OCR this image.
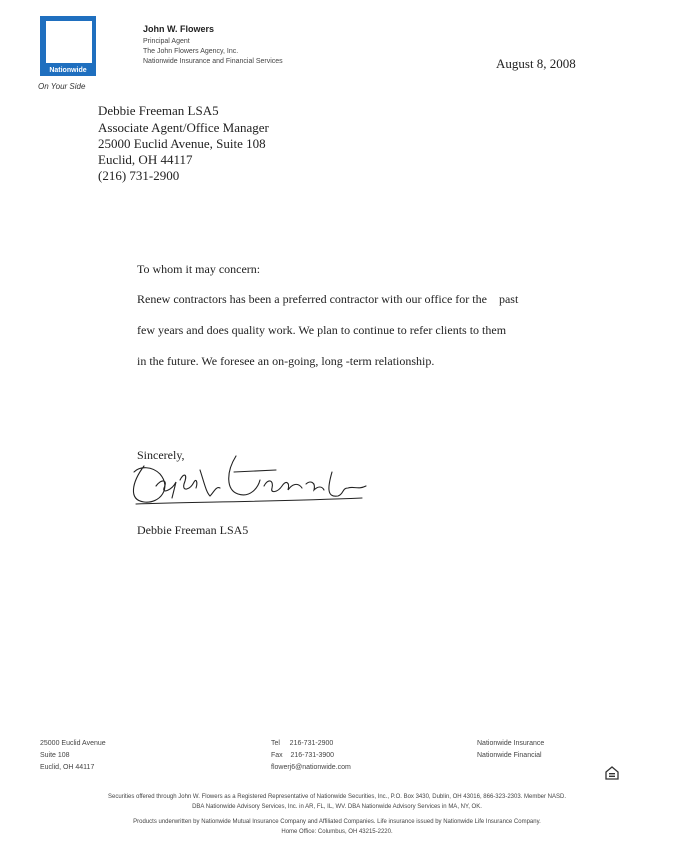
Nationwide
On Your Side
John W. Flowers
Principal Agent
The John Flowers Agency, Inc.
Nationwide Insurance and Financial Services	August 8, 2008
Debbie Freeman LSA5
Associate Agent/Office Manager
25000 Euclid Avenue, Suite 108
Euclid, OH 44117
(216) 731-2900
To whom it may concern:
Renew contractors has been a preferred contractor with our office for the    past
few years and does quality work. We plan to continue to refer clients to them
in the future. We foresee an on-going, long -term relationship.
Sincerely,
Debbie Freeman LSA5
25000 Euclid Avenue
Suite 108
Euclid, OH 44117
Tel     216-731-2900
Fax    216-731-3900
flowerj6@nationwide.com
Nationwide Insurance
Nationwide Financial
Securities offered through John W. Flowers as a Registered Representative of Nationwide Securities, Inc., P.O. Box 3430, Dublin, OH 43016, 866-323-2303. Member NASD.
DBA Nationwide Advisory Services, Inc. in AR, FL, IL, WV. DBA Nationwide Advisory Services in MA, NY, OK.
Products underwritten by Nationwide Mutual Insurance Company and Affiliated Companies. Life insurance issued by Nationwide Life Insurance Company.
Home Office: Columbus, OH 43215-2220.
